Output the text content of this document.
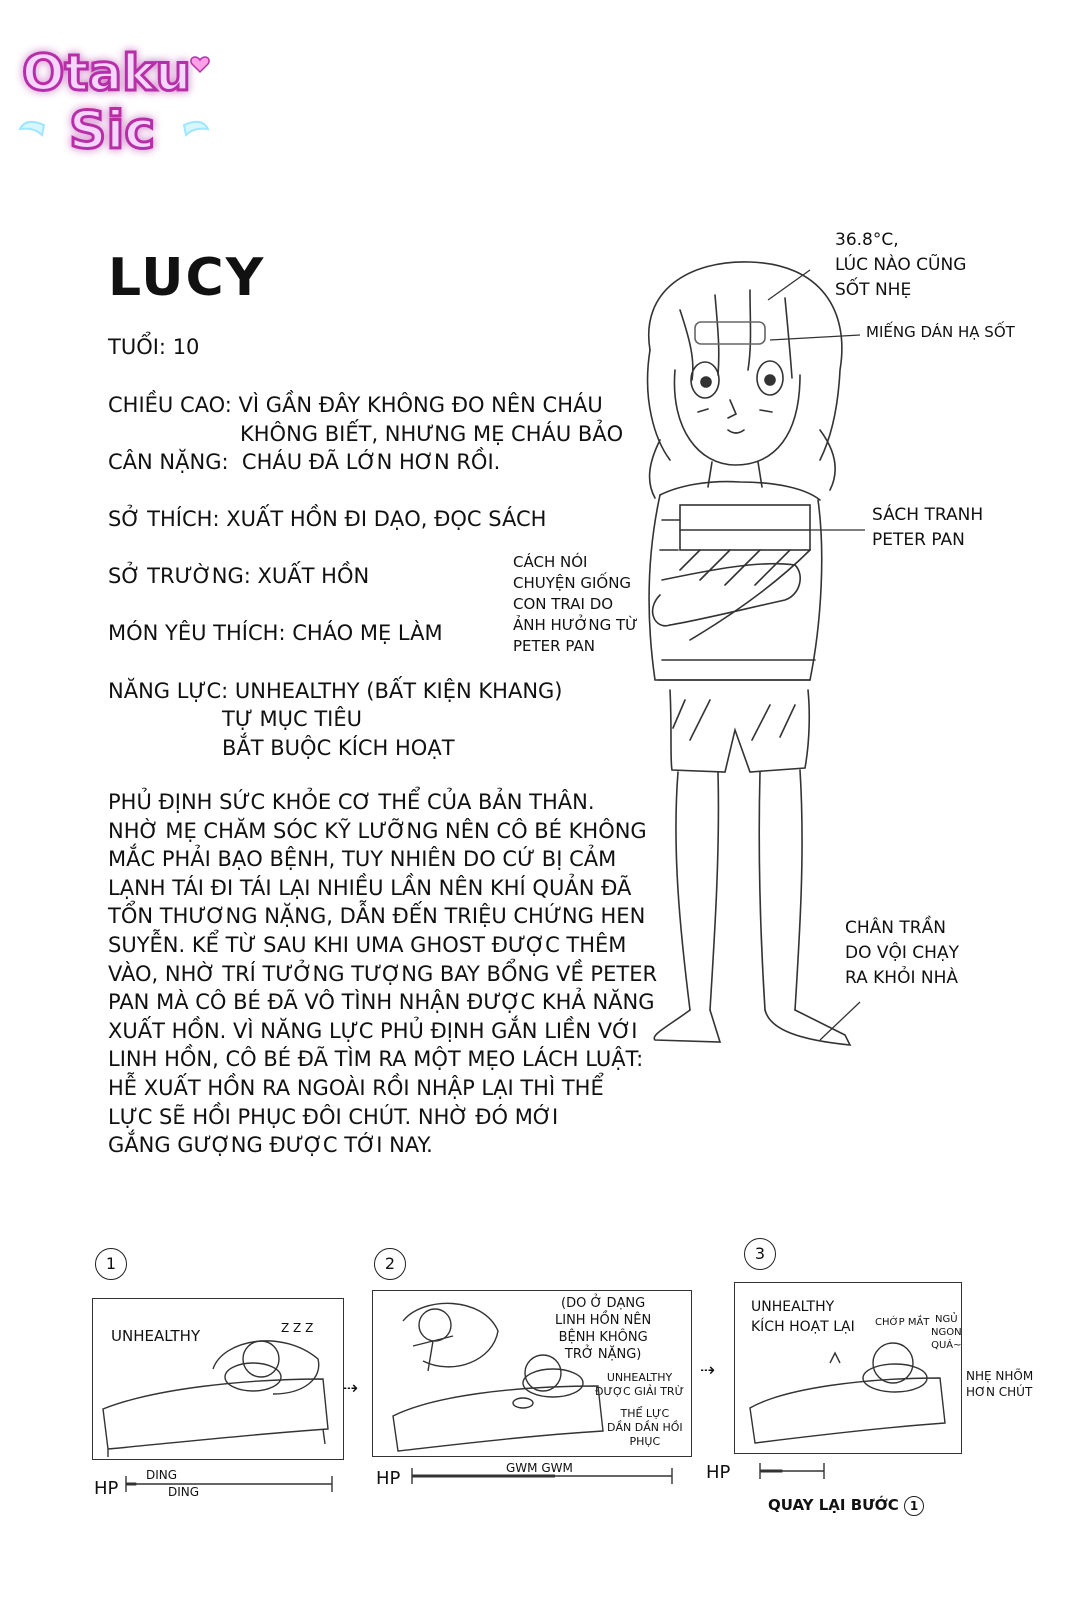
Otaku
Sic
LUCY
TUỔI: 10
CHIỀU CAO: VÌ GẦN ĐÂY KHÔNG ĐO NÊN CHÁU
KHÔNG BIẾT, NHƯNG MẸ CHÁU BẢO
CÂN NẶNG: CHÁU ĐÃ LỚN HƠN RỒI.
SỞ THÍCH: XUẤT HỒN ĐI DẠO, ĐỌC SÁCH
SỞ TRƯỜNG: XUẤT HỒN
MÓN YÊU THÍCH: CHÁO MẸ LÀM
NĂNG LỰC: UNHEALTHY (BẤT KIỆN KHANG)
TỰ MỤC TIÊU
BẮT BUỘC KÍCH HOẠT
PHỦ ĐỊNH SỨC KHỎE CƠ THỂ CỦA BẢN THÂN.
NHỜ MẸ CHĂM SÓC KỸ LƯỠNG NÊN CÔ BÉ KHÔNG
MẮC PHẢI BẠO BỆNH, TUY NHIÊN DO CỨ BỊ CẢM
LẠNH TÁI ĐI TÁI LẠI NHIỀU LẦN NÊN KHÍ QUẢN ĐÃ
TỔN THƯƠNG NẶNG, DẪN ĐẾN TRIỆU CHỨNG HEN
SUYỄN. KỂ TỪ SAU KHI UMA GHOST ĐƯỢC THÊM
VÀO, NHỜ TRÍ TƯỞNG TƯỢNG BAY BỔNG VỀ PETER
PAN MÀ CÔ BÉ ĐÃ VÔ TÌNH NHẬN ĐƯỢC KHẢ NĂNG
XUẤT HỒN. VÌ NĂNG LỰC PHỦ ĐỊNH GẮN LIỀN VỚI
LINH HỒN, CÔ BÉ ĐÃ TÌM RA MỘT MẸO LÁCH LUẬT:
HỄ XUẤT HỒN RA NGOÀI RỒI NHẬP LẠI THÌ THỂ
LỰC SẼ HỒI PHỤC ĐÔI CHÚT. NHỜ ĐÓ MỚI
GẮNG GƯỢNG ĐƯỢC TỚI NAY.
36.8°C,
LÚC NÀO CŨNG
SỐT NHẸ
MIẾNG DÁN HẠ SỐT
SÁCH TRANH
PETER PAN
CÁCH NÓI
CHUYỆN GIỐNG
CON TRAI DO
ẢNH HƯỞNG TỪ
PETER PAN
CHÂN TRẦN
DO VỘI CHẠY
RA KHỎI NHÀ
1
UNHEALTHY	Z Z Z
HP
DING
DING
⇢
2
(DO Ở DẠNG
LINH HỒN NÊN
BỆNH KHÔNG
TRỞ NẶNG)
UNHEALTHY
ĐƯỢC GIẢI TRỪ
THỂ LỰC
DẦN DẦN HỒI
PHỤC
HP	GWM GWM
⇢
3
UNHEALTHY
KÍCH HOẠT LẠI CHỚP MẮT NGỦ
NGON
QUÁ~
NHẸ NHÕM
HƠN CHÚT
HP
QUAY LẠI BƯỚC 1
